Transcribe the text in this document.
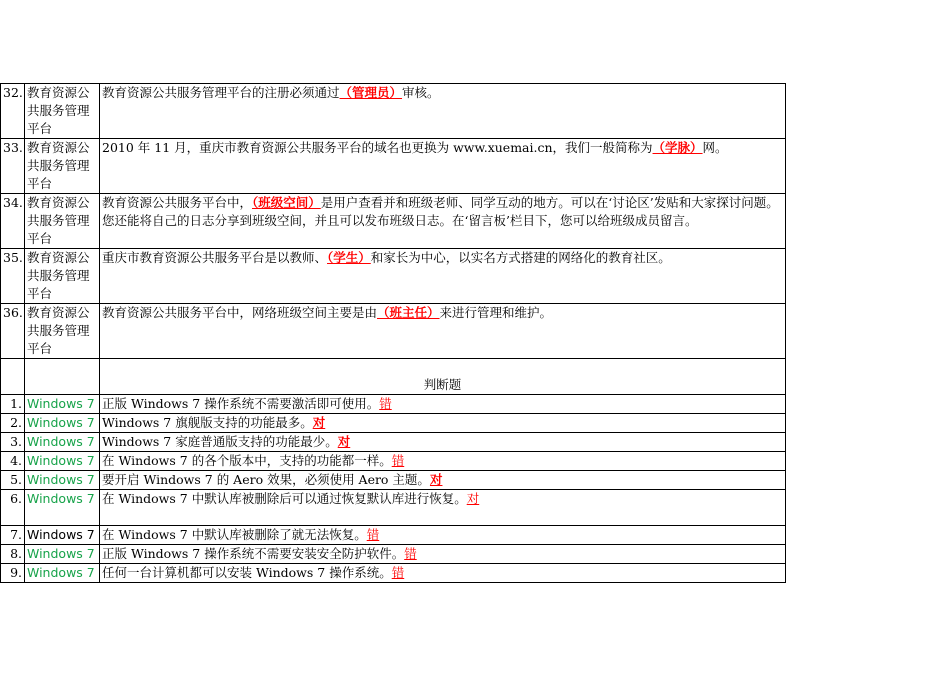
32.	教育资源公共服务管理平台	教育资源公共服务管理平台的注册必须通过（管理员）审核。
33.	教育资源公共服务管理平台	2010 年 11 月，重庆市教育资源公共服务平台的域名也更换为 www.xuemai.cn，我们一般简称为（学脉）网。
34.	教育资源公共服务管理平台	教育资源公共服务平台中，（班级空间）是用户查看并和班级老师、同学互动的地方。可以在‘讨论区’发贴和大家探讨问题。您还能将自己的日志分享到班级空间，并且可以发布班级日志。在‘留言板’栏目下，您可以给班级成员留言。
35.	教育资源公共服务管理平台	重庆市教育资源公共服务平台是以教师、（学生）和家长为中心，以实名方式搭建的网络化的教育社区。
36.	教育资源公共服务管理平台	教育资源公共服务平台中，网络班级空间主要是由（班主任）来进行管理和维护。
		判断题
1.	Windows 7	正版 Windows 7 操作系统不需要激活即可使用。错
2.	Windows 7	Windows 7 旗舰版支持的功能最多。对
3.	Windows 7	Windows 7 家庭普通版支持的功能最少。对
4.	Windows 7	在 Windows 7 的各个版本中，支持的功能都一样。错
5.	Windows 7	要开启 Windows 7 的 Aero 效果，必须使用 Aero 主题。对
6.	Windows 7	在 Windows 7 中默认库被删除后可以通过恢复默认库进行恢复。对
7.	Windows 7	在 Windows 7 中默认库被删除了就无法恢复。错
8.	Windows 7	正版 Windows 7 操作系统不需要安装安全防护软件。错
9.	Windows 7	任何一台计算机都可以安装 Windows 7 操作系统。错
